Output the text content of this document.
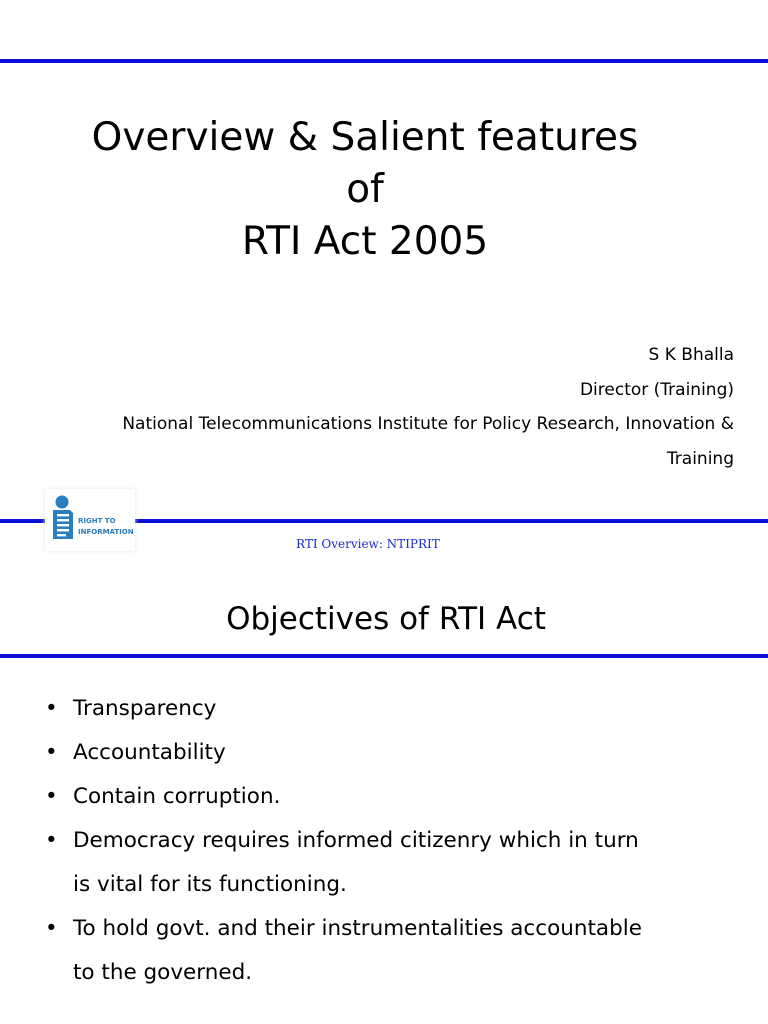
Overview & Salient features
of
RTI Act 2005
S K Bhalla
Director (Training)
National Telecommunications Institute for Policy Research, Innovation &
Training
RIGHT TO
INFORMATION
RTI Overview: NTIPRIT
Objectives of RTI Act
• Transparency
• Accountability
• Contain corruption.
• Democracy requires informed citizenry which in turn
is vital for its functioning.
• To hold govt. and their instrumentalities accountable
to the governed.
